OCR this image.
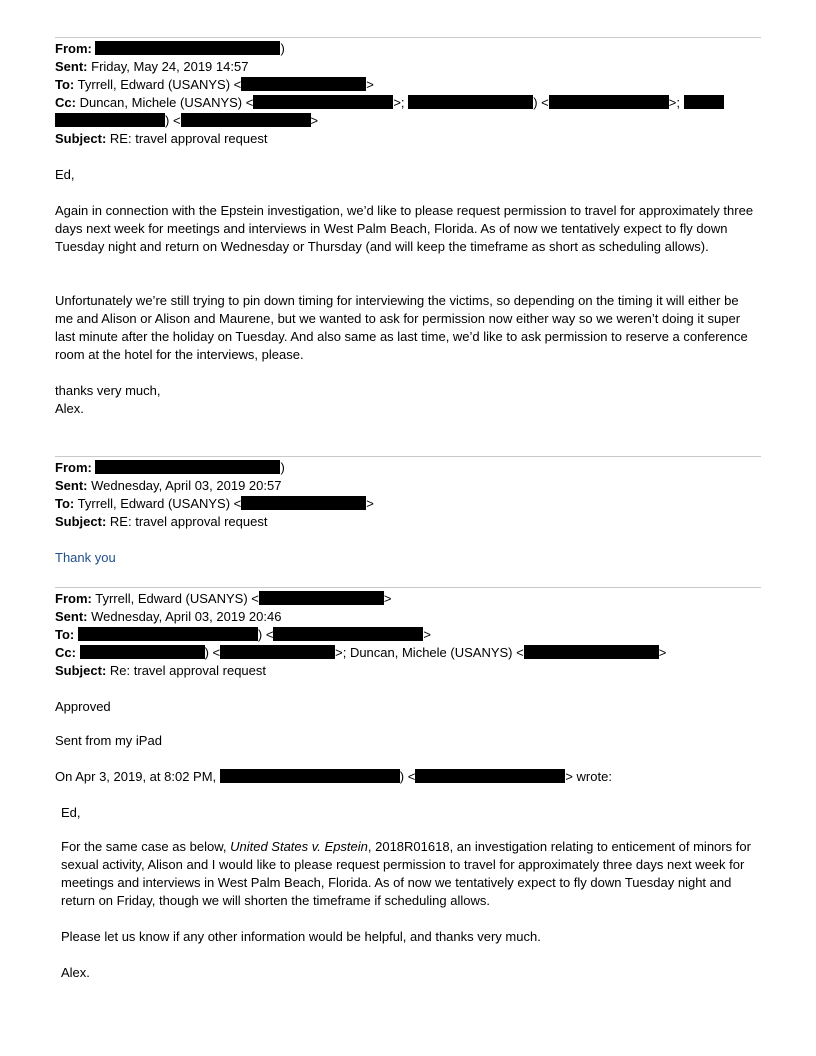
From:	)
Sent: Friday, May 24, 2019 14:57
To: Tyrrell, Edward (USANYS) <	>
Cc: Duncan, Michele (USANYS) <	>;	) <	>;
) <	>
Subject: RE: travel approval request
Ed,
Again in connection with the Epstein investigation, we’d like to please request permission to travel for approximately three days next week for meetings and interviews in West Palm Beach, Florida. As of now we tentatively expect to fly down Tuesday night and return on Wednesday or Thursday (and will keep the timeframe as short as scheduling allows).
Unfortunately we’re still trying to pin down timing for interviewing the victims, so depending on the timing it will either be me and Alison or Alison and Maurene, but we wanted to ask for permission now either way so we weren’t doing it super last minute after the holiday on Tuesday. And also same as last time, we’d like to ask permission to reserve a conference room at the hotel for the interviews, please.
thanks very much,
Alex.
From:	)
Sent: Wednesday, April 03, 2019 20:57
To: Tyrrell, Edward (USANYS) <	>
Subject: RE: travel approval request
Thank you
From: Tyrrell, Edward (USANYS) <	>
Sent: Wednesday, April 03, 2019 20:46
To:	) <	>
Cc:	) <	>; Duncan, Michele (USANYS) <	>
Subject: Re: travel approval request
Approved
Sent from my iPad
On Apr 3, 2019, at 8:02 PM,	) <	> wrote:
Ed,
For the same case as below, United States v. Epstein, 2018R01618, an investigation relating to enticement of minors for sexual activity, Alison and I would like to please request permission to travel for approximately three days next week for meetings and interviews in West Palm Beach, Florida. As of now we tentatively expect to fly down Tuesday night and return on Friday, though we will shorten the timeframe if scheduling allows.
Please let us know if any other information would be helpful, and thanks very much.
Alex.
